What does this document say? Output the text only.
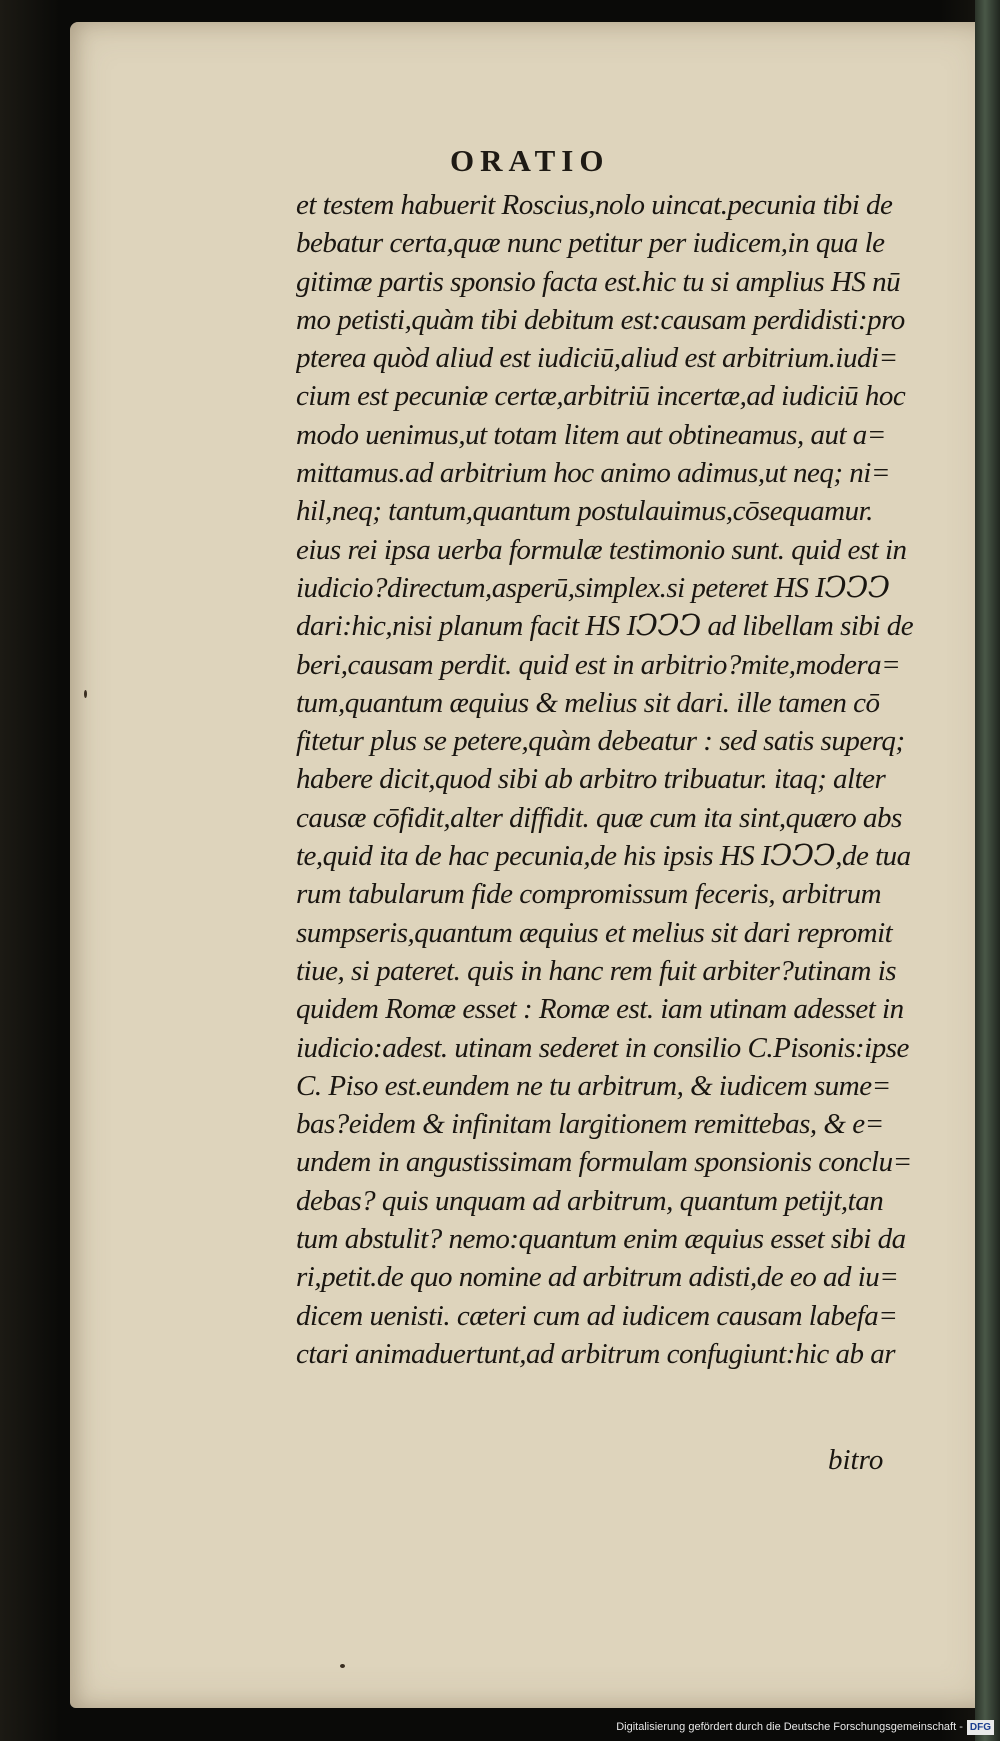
ORATIO
et testem habuerit Roscius,nolo uincat.pecunia tibi de
bebatur certa,quæ nunc petitur per iudicem,in qua le
gitimæ partis sponsio facta est.hic tu si amplius HS nū
mo petisti,quàm tibi debitum est:causam perdidisti:pro
pterea quòd aliud est iudiciū,aliud est arbitrium.iudi=
cium est pecuniæ certæ,arbitriū incertæ,ad iudiciū hoc
modo uenimus,ut totam litem aut obtineamus, aut a=
mittamus.ad arbitrium hoc animo adimus,ut neq; ni=
hil,neq; tantum,quantum postulauimus,cōsequamur.
eius rei ipsa uerba formulæ testimonio sunt. quid est in
iudicio?directum,asperū,simplex.si peteret HS IↃↃↃ
dari:hic,nisi planum facit HS IↃↃↃ ad libellam sibi de
beri,causam perdit. quid est in arbitrio?mite,modera=
tum,quantum æquius & melius sit dari. ille tamen cō
fitetur plus se petere,quàm debeatur : sed satis superq;
habere dicit,quod sibi ab arbitro tribuatur. itaq; alter
causæ cōfidit,alter diffidit. quæ cum ita sint,quæro abs
te,quid ita de hac pecunia,de his ipsis HS IↃↃↃ,de tua
rum tabularum fide compromissum feceris, arbitrum
sumpseris,quantum æquius et melius sit dari repromit
tiue, si pateret. quis in hanc rem fuit arbiter?utinam is
quidem Romæ esset : Romæ est. iam utinam adesset in
iudicio:adest. utinam sederet in consilio C.Pisonis:ipse
C. Piso est.eundem ne tu arbitrum, & iudicem sume=
bas?eidem & infinitam largitionem remittebas, & e=
undem in angustissimam formulam sponsionis conclu=
debas? quis unquam ad arbitrum, quantum petijt,tan
tum abstulit? nemo:quantum enim æquius esset sibi da
ri,petit.de quo nomine ad arbitrum adisti,de eo ad iu=
dicem uenisti. cæteri cum ad iudicem causam labefa=
ctari animaduertunt,ad arbitrum confugiunt:hic ab ar

bitro

Digitalisierung gefördert durch die Deutsche Forschungsgemeinschaft - DFG
